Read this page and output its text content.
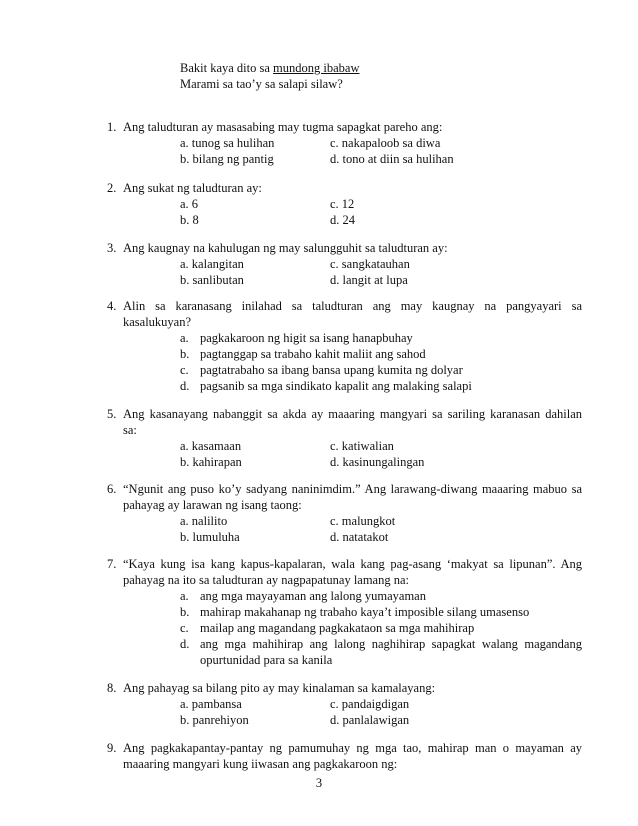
Bakit kaya dito sa mundong ibabaw
Marami sa tao’y sa salapi silaw?
1. Ang taludturan ay masasabing may tugma sapagkat pareho ang:
a. tunog sa hulihan	c. nakapaloob sa diwa
b. bilang ng pantig	d. tono at diin sa hulihan
2. Ang sukat ng taludturan ay:
a. 6	c. 12
b. 8	d. 24
3. Ang kaugnay na kahulugan ng may salungguhit sa taludturan ay:
a. kalangitan	c. sangkatauhan
b. sanlibutan	d. langit at lupa
4. Alin sa karanasang inilahad sa taludturan ang may kaugnay na pangyayari sa
kasalukuyan?
a. pagkakaroon ng higit sa isang hanapbuhay
b. pagtanggap sa trabaho kahit maliit ang sahod
c. pagtatrabaho sa ibang bansa upang kumita ng dolyar
d. pagsanib sa mga sindikato kapalit ang malaking salapi
5. Ang kasanayang nabanggit sa akda ay maaaring mangyari sa sariling karanasan dahilan
sa:
a. kasamaan	c. katiwalian
b. kahirapan	d. kasinungalingan
6. “Ngunit ang puso ko’y sadyang naninimdim.” Ang larawang-diwang maaaring mabuo sa
pahayag ay larawan ng isang taong:
a. nalilito	c. malungkot
b. lumuluha	d. natatakot
7. “Kaya kung isa kang kapus-kapalaran, wala kang pag-asang ‘makyat sa lipunan”. Ang
pahayag na ito sa taludturan ay nagpapatunay lamang na:
a. ang mga mayayaman ang lalong yumayaman
b. mahirap makahanap ng trabaho kaya’t imposible silang umasenso
c. mailap ang magandang pagkakataon sa mga mahihirap
d. ang mga mahihirap ang lalong naghihirap sapagkat walang magandang
opurtunidad para sa kanila
8. Ang pahayag sa bilang pito ay may kinalaman sa kamalayang:
a. pambansa	c. pandaigdigan
b. panrehiyon	d. panlalawigan
9. Ang pagkakapantay-pantay ng pamumuhay ng mga tao, mahirap man o mayaman ay
maaaring mangyari kung iiwasan ang pagkakaroon ng:
3
